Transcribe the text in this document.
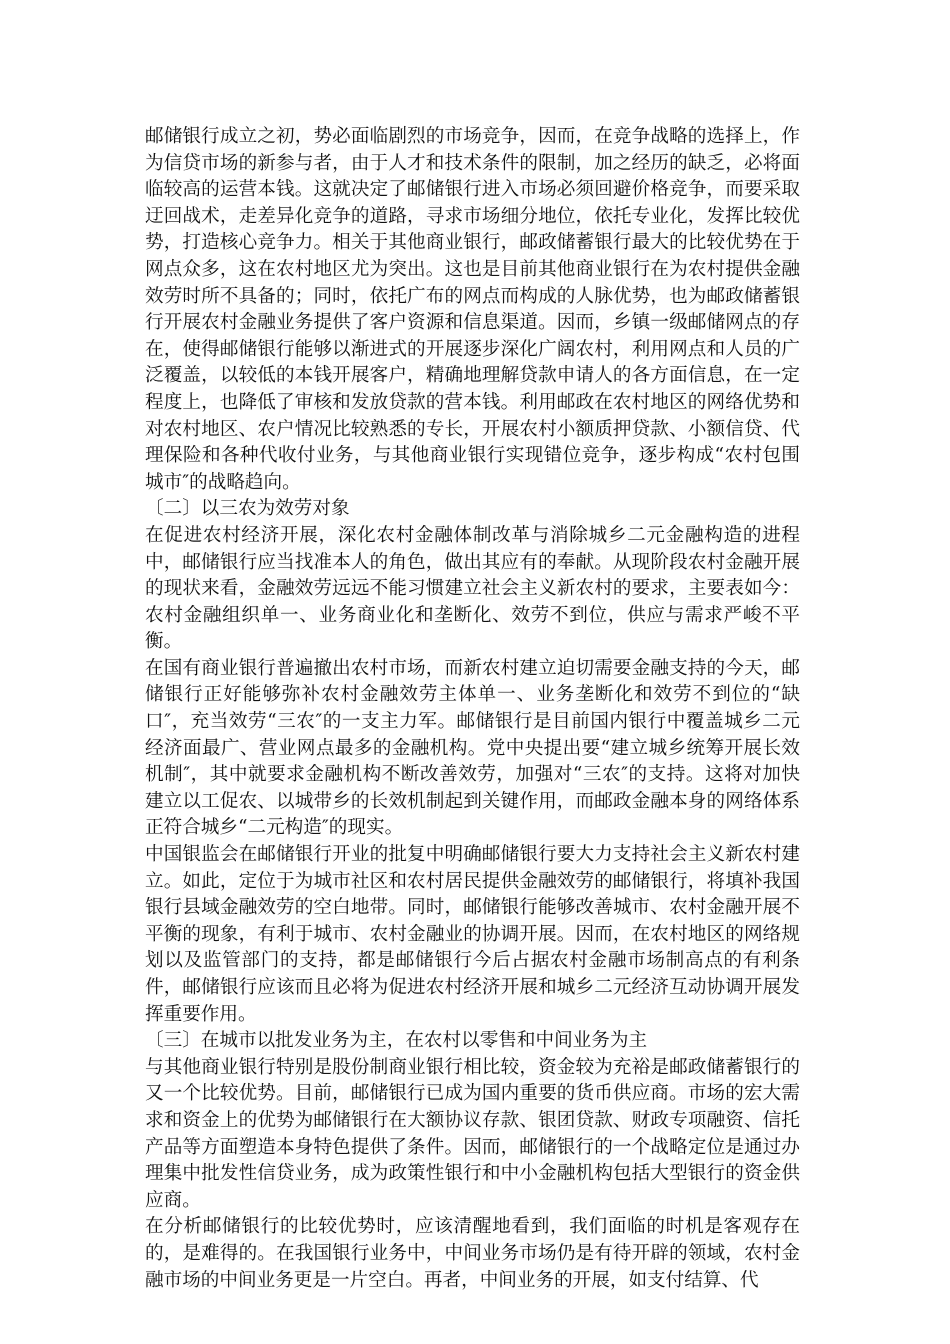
邮储银行成立之初，势必面临剧烈的市场竞争，因而，在竞争战略的选择上，作为信贷市场的新参与者，由于人才和技术条件的限制，加之经历的缺乏，必将面临较高的运营本钱。这就决定了邮储银行进入市场必须回避价格竞争，而要采取迂回战术，走差异化竞争的道路，寻求市场细分地位，依托专业化，发挥比较优势，打造核心竞争力。相关于其他商业银行，邮政储蓄银行最大的比较优势在于网点众多，这在农村地区尤为突出。这也是目前其他商业银行在为农村提供金融效劳时所不具备的；同时，依托广布的网点而构成的人脉优势，也为邮政储蓄银行开展农村金融业务提供了客户资源和信息渠道。因而，乡镇一级邮储网点的存在，使得邮储银行能够以渐进式的开展逐步深化广阔农村，利用网点和人员的广泛覆盖，以较低的本钱开展客户，精确地理解贷款申请人的各方面信息，在一定程度上，也降低了审核和发放贷款的营本钱。利用邮政在农村地区的网络优势和对农村地区、农户情况比较熟悉的专长，开展农村小额质押贷款、小额信贷、代理保险和各种代收付业务，与其他商业银行实现错位竞争，逐步构成“农村包围城市″的战略趋向。

〔二〕以三农为效劳对象

在促进农村经济开展，深化农村金融体制改革与消除城乡二元金融构造的进程中，邮储银行应当找准本人的角色，做出其应有的奉献。从现阶段农村金融开展的现状来看，金融效劳远远不能习惯建立社会主义新农村的要求，主要表如今：农村金融组织单一、业务商业化和垄断化、效劳不到位，供应与需求严峻不平衡。

在国有商业银行普遍撤出农村市场，而新农村建立迫切需要金融支持的今天，邮储银行正好能够弥补农村金融效劳主体单一、业务垄断化和效劳不到位的“缺口″，充当效劳“三农″的一支主力军。邮储银行是目前国内银行中覆盖城乡二元经济面最广、营业网点最多的金融机构。党中央提出要“建立城乡统筹开展长效机制″，其中就要求金融机构不断改善效劳，加强对“三农″的支持。这将对加快建立以工促农、以城带乡的长效机制起到关键作用，而邮政金融本身的网络体系正符合城乡“二元构造″的现实。

中国银监会在邮储银行开业的批复中明确邮储银行要大力支持社会主义新农村建立。如此，定位于为城市社区和农村居民提供金融效劳的邮储银行，将填补我国银行县域金融效劳的空白地带。同时，邮储银行能够改善城市、农村金融开展不平衡的现象，有利于城市、农村金融业的协调开展。因而，在农村地区的网络规划以及监管部门的支持，都是邮储银行今后占据农村金融市场制高点的有利条件，邮储银行应该而且必将为促进农村经济开展和城乡二元经济互动协调开展发挥重要作用。

〔三〕在城市以批发业务为主，在农村以零售和中间业务为主

与其他商业银行特别是股份制商业银行相比较，资金较为充裕是邮政储蓄银行的又一个比较优势。目前，邮储银行已成为国内重要的货币供应商。市场的宏大需求和资金上的优势为邮储银行在大额协议存款、银团贷款、财政专项融资、信托产品等方面塑造本身特色提供了条件。因而，邮储银行的一个战略定位是通过办理集中批发性信贷业务，成为政策性银行和中小金融机构包括大型银行的资金供应商。

在分析邮储银行的比较优势时，应该清醒地看到，我们面临的时机是客观存在的，是难得的。在我国银行业务中，中间业务市场仍是有待开辟的领域，农村金融市场的中间业务更是一片空白。再者，中间业务的开展，如支付结算、代
